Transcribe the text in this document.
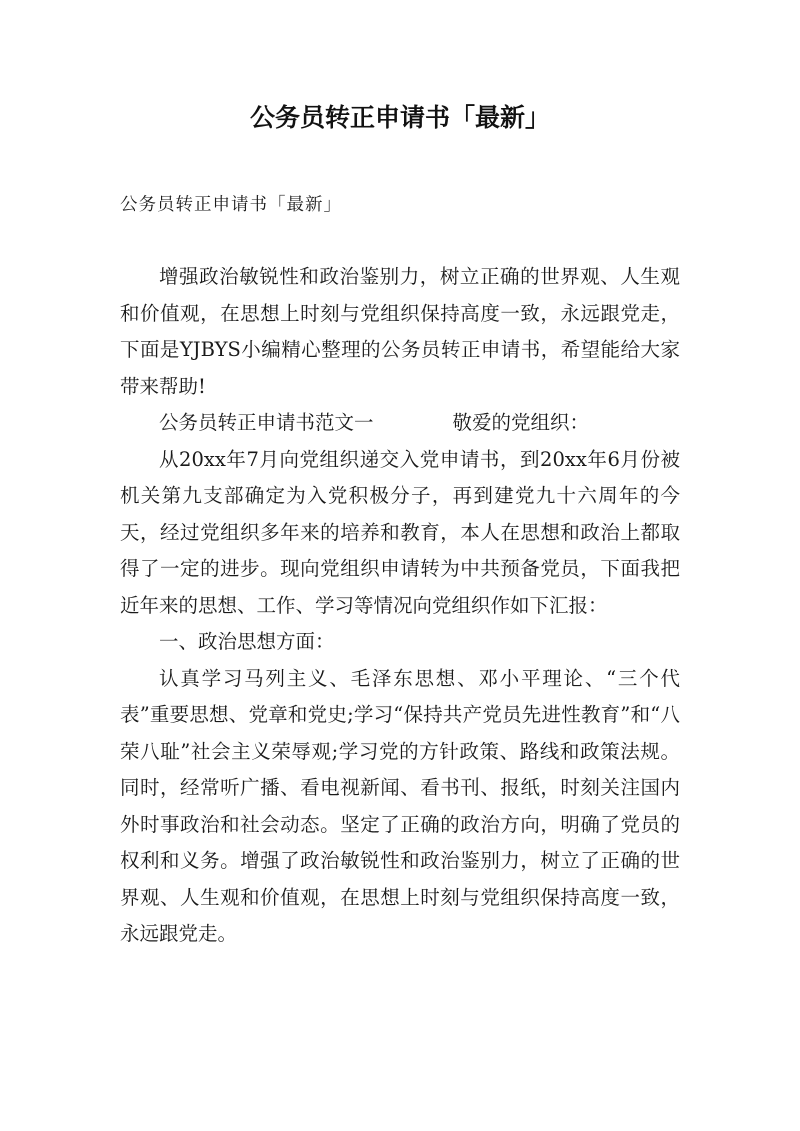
公务员转正申请书「最新」
公务员转正申请书「最新」

增强政治敏锐性和政治鉴别力，树立正确的世界观、人生观和价值观，在思想上时刻与党组织保持高度一致，永远跟党走，下面是YJBYS小编精心整理的公务员转正申请书，希望能给大家带来帮助!

公务员转正申请书范文一	敬爱的党组织：

从20xx年7月向党组织递交入党申请书，到20xx年6月份被机关第九支部确定为入党积极分子，再到建党九十六周年的今天，经过党组织多年来的培养和教育，本人在思想和政治上都取得了一定的进步。现向党组织申请转为中共预备党员，下面我把近年来的思想、工作、学习等情况向党组织作如下汇报：

一、政治思想方面：

认真学习马列主义、毛泽东思想、邓小平理论、“三个代表”重要思想、党章和党史;学习“保持共产党员先进性教育”和“八荣八耻”社会主义荣辱观;学习党的方针政策、路线和政策法规。同时，经常听广播、看电视新闻、看书刊、报纸，时刻关注国内外时事政治和社会动态。坚定了正确的政治方向，明确了党员的权利和义务。增强了政治敏锐性和政治鉴别力，树立了正确的世界观、人生观和价值观，在思想上时刻与党组织保持高度一致，永远跟党走。
